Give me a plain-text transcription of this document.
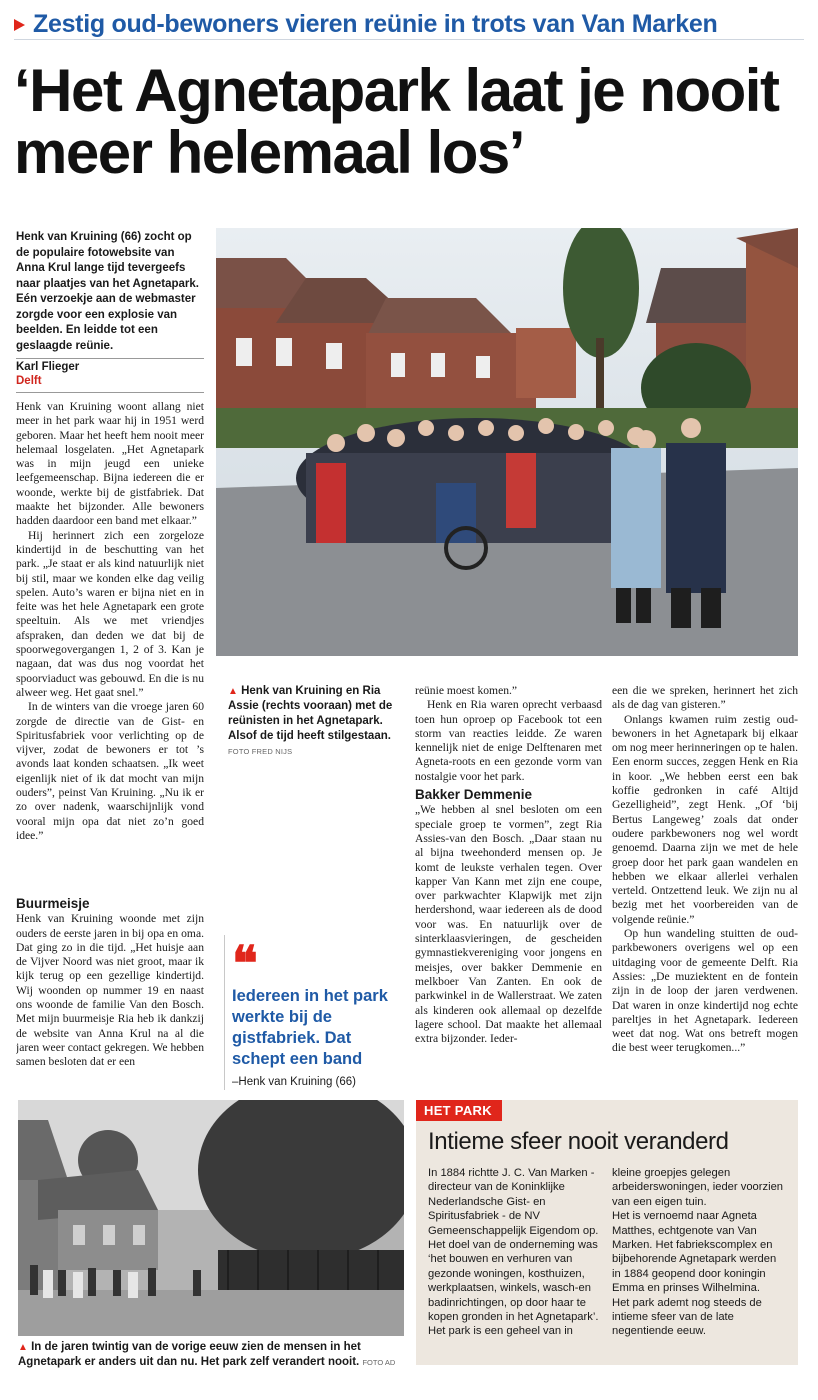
Zestig oud-bewoners vieren reünie in trots van Van Marken
‘Het Agnetapark laat je nooit meer helemaal los’
Henk van Kruining (66) zocht op de populaire fotowebsite van Anna Krul lange tijd tevergeefs naar plaatjes van het Agnetapark. Eén verzoekje aan de webmaster zorgde voor een explosie van beelden. En leidde tot een geslaagde reünie.
Karl Flieger
Delft

Henk van Kruining woont allang niet meer in het park waar hij in 1951 werd geboren. Maar het heeft hem nooit meer helemaal losgelaten. „Het Agnetapark was in mijn jeugd een unieke leefgemeenschap. Bijna iedereen die er woonde, werkte bij de gistfabriek. Dat maakte het bijzonder. Alle bewoners hadden daardoor een band met elkaar.”

Hij herinnert zich een zorgeloze kindertijd in de beschutting van het park. „Je staat er als kind natuurlijk niet bij stil, maar we konden elke dag veilig spelen. Auto’s waren er bijna niet en in feite was het hele Agnetapark een grote speeltuin. Als we met vriendjes afspraken, dan deden we dat bij de spoorwegovergangen 1, 2 of 3. Kan je nagaan, dat was dus nog voordat het spoorviaduct was gebouwd. En die is nu alweer weg. Het gaat snel.”

In de winters van die vroege jaren 60 zorgde de directie van de Gist- en Spiritusfabriek voor verlichting op de vijver, zodat de bewoners er tot ’s avonds laat konden schaatsen. „Ik weet eigenlijk niet of ik dat mocht van mijn ouders”, peinst Van Kruining. „Nu ik er zo over nadenk, waarschijnlijk vond vooral mijn opa dat niet zo’n goed idee.”

Buurmeisje

Henk van Kruining woonde met zijn ouders de eerste jaren in bij opa en oma. Dat ging zo in die tijd. „Het huisje aan de Vijver Noord was niet groot, maar ik kijk terug op een gezellige kindertijd. Wij woonden op nummer 19 en naast ons woonde de familie Van den Bosch. Met mijn buurmeisje Ria heb ik dankzij de website van Anna Krul na al die jaren weer contact gekregen. We hebben samen besloten dat er een

▲ Henk van Kruining en Ria Assie (rechts vooraan) met de reünisten in het Agnetapark. Alsof de tijd heeft stilgestaan. FOTO FRED NIJS
❝
Iedereen in het park werkte bij de gistfabriek. Dat schept een band
–Henk van Kruining (66)

reünie moest komen.”

Henk en Ria waren oprecht verbaasd toen hun oproep op Facebook tot een storm van reacties leidde. Ze waren kennelijk niet de enige Delftenaren met Agneta-roots en een gezonde vorm van nostalgie voor het park.

Bakker Demmenie

„We hebben al snel besloten om een speciale groep te vormen”, zegt Ria Assies-van den Bosch. „Daar staan nu al bijna tweehonderd mensen op. Je komt de leukste verhalen tegen. Over kapper Van Kann met zijn ene coupe, over parkwachter Klapwijk met zijn herdershond, waar iedereen als de dood voor was. En natuurlijk over de sinterklaasvieringen, de gescheiden gymnastiekvereniging voor jongens en meisjes, over bakker Demmenie en melkboer Van Zanten. En ook de parkwinkel in de Wallerstraat. We zaten als kinderen ook allemaal op dezelfde lagere school. Dat maakte het allemaal extra bijzonder. Ieder-

een die we spreken, herinnert het zich als de dag van gisteren.”

Onlangs kwamen ruim zestig oud-bewoners in het Agnetapark bij elkaar om nog meer herinneringen op te halen. Een enorm succes, zeggen Henk en Ria in koor. „We hebben eerst een bak koffie gedronken in café Altijd Gezelligheid”, zegt Henk. „Of ‘bij Bertus Langeweg’ zoals dat onder oudere parkbewoners nog wel wordt genoemd. Daarna zijn we met de hele groep door het park gaan wandelen en hebben we elkaar allerlei verhalen verteld. Ontzettend leuk. We zijn nu al bezig met het voorbereiden van de volgende reünie.”

Op hun wandeling stuitten de oud-parkbewoners overigens wel op een uitdaging voor de gemeente Delft. Ria Assies: „De muziektent en de fontein zijn in de loop der jaren verdwenen. Dat waren in onze kindertijd nog echte pareltjes in het Agnetapark. Iedereen weet dat nog. Wat ons betreft mogen die best weer terugkomen...”

▲ In de jaren twintig van de vorige eeuw zien de mensen in het Agnetapark er anders uit dan nu. Het park zelf verandert nooit. FOTO AD
HET PARK
Intieme sfeer nooit veranderd

In 1884 richtte J. C. Van Marken - directeur van de Koninklijke Nederlandsche Gist- en Spiritusfabriek - de NV Gemeenschappelijk Eigendom op. Het doel van de onderneming was ‘het bouwen en verhuren van gezonde woningen, kosthuizen, werkplaatsen, winkels, wasch-en badinrichtingen, op door haar te kopen gronden in het Agnetapark’.

Het park is een geheel van in

kleine groepjes gelegen arbeiderswoningen, ieder voorzien van een eigen tuin.

Het is vernoemd naar Agneta Matthes, echtgenote van Van Marken. Het fabriekscomplex en bijbehorende Agnetapark werden in 1884 geopend door koningin Emma en prinses Wilhelmina.

Het park ademt nog steeds de intieme sfeer van de late negentiende eeuw.
